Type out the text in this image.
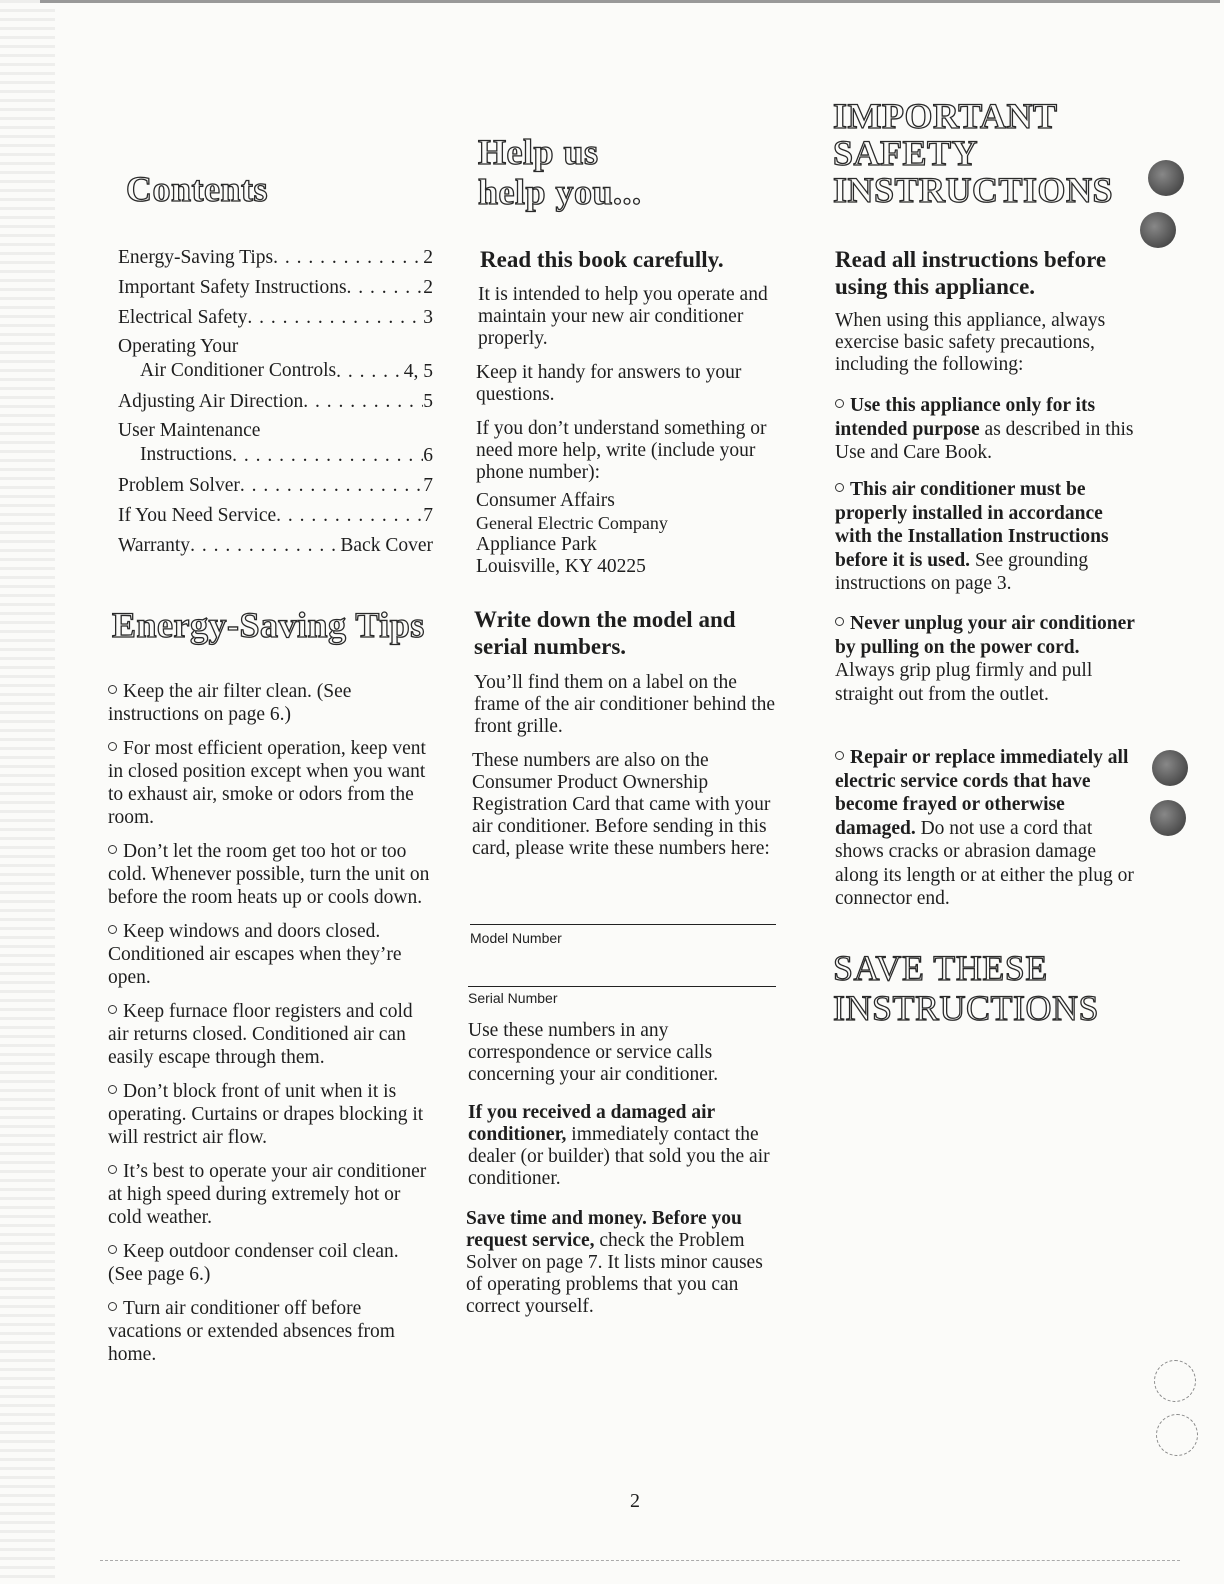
Contents
Energy-Saving Tips . . .	2
Important Safety Instructions . . .	2
Electrical Safety . . .	3
Operating Your
Air Conditioner Controls . . .	4, 5
Adjusting Air Direction . . .	5
User Maintenance
Instructions . . .	6
Problem Solver . . .	7
If You Need Service . . .	7
Warranty . . .	Back Cover
Energy-Saving Tips
Keep the air filter clean. (See instructions on page 6.)
For most efficient operation, keep vent in closed position except when you want to exhaust air, smoke or odors from the room.
Don’t let the room get too hot or too cold. Whenever possible, turn the unit on before the room heats up or cools down.
Keep windows and doors closed. Conditioned air escapes when they’re open.
Keep furnace floor registers and cold air returns closed. Conditioned air can easily escape through them.
Don’t block front of unit when it is operating. Curtains or drapes blocking it will restrict air flow.
It’s best to operate your air conditioner at high speed during extremely hot or cold weather.
Keep outdoor condenser coil clean. (See page 6.)
Turn air conditioner off before vacations or extended absences from home.
Help us
help you...
Read this book carefully.

It is intended to help you operate and maintain your new air conditioner properly.

Keep it handy for answers to your questions.

If you don’t understand something or need more help, write (include your phone number):

Consumer Affairs
General Electric Company
Appliance Park
Louisville, KY 40225
Write down the model and serial numbers.

You’ll find them on a label on the frame of the air conditioner behind the front grille.

These numbers are also on the Consumer Product Ownership Registration Card that came with your air conditioner. Before sending in this card, please write these numbers here:

Model Number
Serial Number

Use these numbers in any correspondence or service calls concerning your air conditioner.

If you received a damaged air conditioner, immediately contact the dealer (or builder) that sold you the air conditioner.

Save time and money. Before you request service, check the Problem Solver on page 7. It lists minor causes of operating problems that you can correct yourself.

IMPORTANT
SAFETY
INSTRUCTIONS
Read all instructions before using this appliance.

When using this appliance, always exercise basic safety precautions, including the following:

Use this appliance only for its intended purpose as described in this Use and Care Book.

This air conditioner must be properly installed in accordance with the Installation Instructions before it is used. See grounding instructions on page 3.

Never unplug your air conditioner by pulling on the power cord. Always grip plug firmly and pull straight out from the outlet.

Repair or replace immediately all electric service cords that have become frayed or otherwise damaged. Do not use a cord that shows cracks or abrasion damage along its length or at either the plug or connector end.

SAVE THESE
INSTRUCTIONS
2
